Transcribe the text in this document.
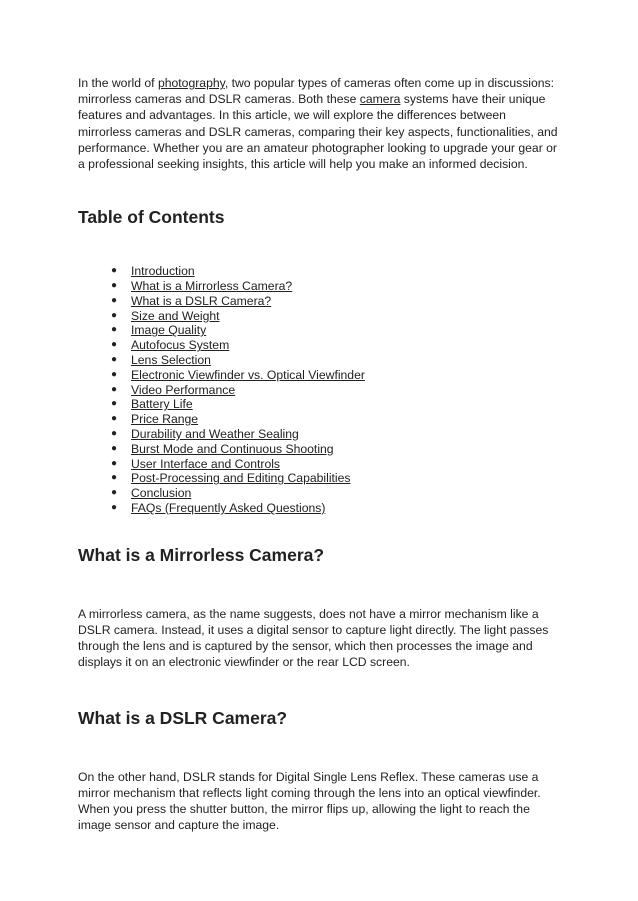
In the world of photography, two popular types of cameras often come up in discussions: mirrorless cameras and DSLR cameras. Both these camera systems have their unique features and advantages. In this article, we will explore the differences between mirrorless cameras and DSLR cameras, comparing their key aspects, functionalities, and performance. Whether you are an amateur photographer looking to upgrade your gear or a professional seeking insights, this article will help you make an informed decision.

Table of Contents
●	Introduction
●	What is a Mirrorless Camera?
●	What is a DSLR Camera?
●	Size and Weight
●	Image Quality
●	Autofocus System
●	Lens Selection
●	Electronic Viewfinder vs. Optical Viewfinder
●	Video Performance
●	Battery Life
●	Price Range
●	Durability and Weather Sealing
●	Burst Mode and Continuous Shooting
●	User Interface and Controls
●	Post-Processing and Editing Capabilities
●	Conclusion
●	FAQs (Frequently Asked Questions)
What is a Mirrorless Camera?

A mirrorless camera, as the name suggests, does not have a mirror mechanism like a DSLR camera. Instead, it uses a digital sensor to capture light directly. The light passes through the lens and is captured by the sensor, which then processes the image and displays it on an electronic viewfinder or the rear LCD screen.

What is a DSLR Camera?

On the other hand, DSLR stands for Digital Single Lens Reflex. These cameras use a mirror mechanism that reflects light coming through the lens into an optical viewfinder. When you press the shutter button, the mirror flips up, allowing the light to reach the image sensor and capture the image.
